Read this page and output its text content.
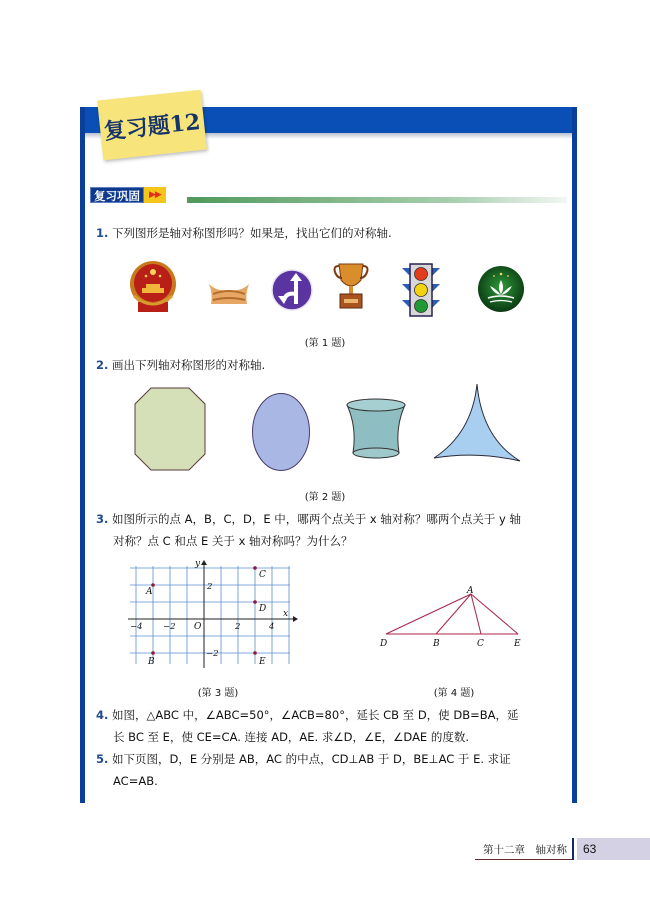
复习题12
复习巩固	▶▶
1. 下列图形是轴对称图形吗？如果是，找出它们的对称轴.
(第 1 题)
2. 画出下列轴对称图形的对称轴.
(第 2 题)
3. 如图所示的点 A，B，C，D，E 中，哪两个点关于 x 轴对称？哪两个点关于 y 轴
对称？点 C 和点 E 关于 x 轴对称吗？为什么？
A
B
C
D
E
y
x
O
−4 −2	2	4
2
−2
A
D	B	C	E
(第 3 题)	(第 4 题)
4. 如图，△ABC 中，∠ABC=50°，∠ACB=80°，延长 CB 至 D，使 DB=BA，延
长 BC 至 E，使 CE=CA. 连接 AD，AE. 求∠D，∠E，∠DAE 的度数.
5. 如下页图，D，E 分别是 AB，AC 的中点，CD⊥AB 于 D，BE⊥AC 于 E. 求证
AC=AB.
第十二章　轴对称	63
